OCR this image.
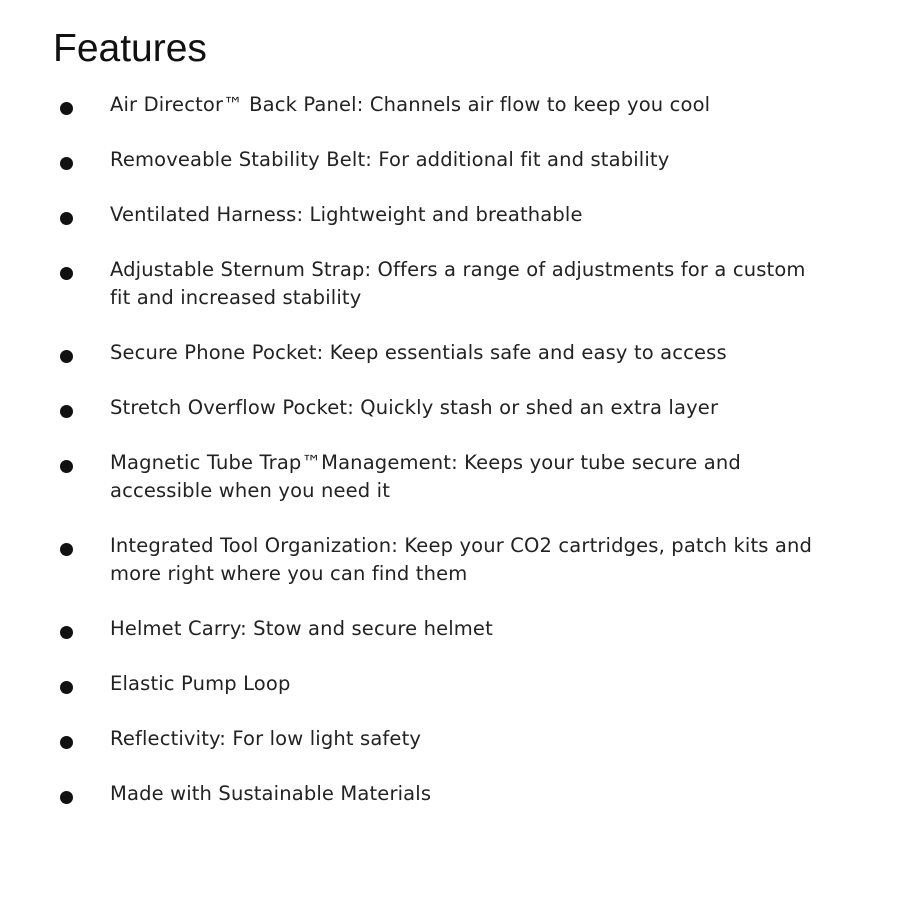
Features
Air Director™ Back Panel: Channels air flow to keep you cool
Removeable Stability Belt: For additional fit and stability
Ventilated Harness: Lightweight and breathable
Adjustable Sternum Strap: Offers a range of adjustments for a custom fit and increased stability
Secure Phone Pocket: Keep essentials safe and easy to access
Stretch Overflow Pocket: Quickly stash or shed an extra layer
Magnetic Tube Trap™Management: Keeps your tube secure and accessible when you need it
Integrated Tool Organization: Keep your CO2 cartridges, patch kits and more right where you can find them
Helmet Carry: Stow and secure helmet
Elastic Pump Loop
Reflectivity: For low light safety
Made with Sustainable Materials
